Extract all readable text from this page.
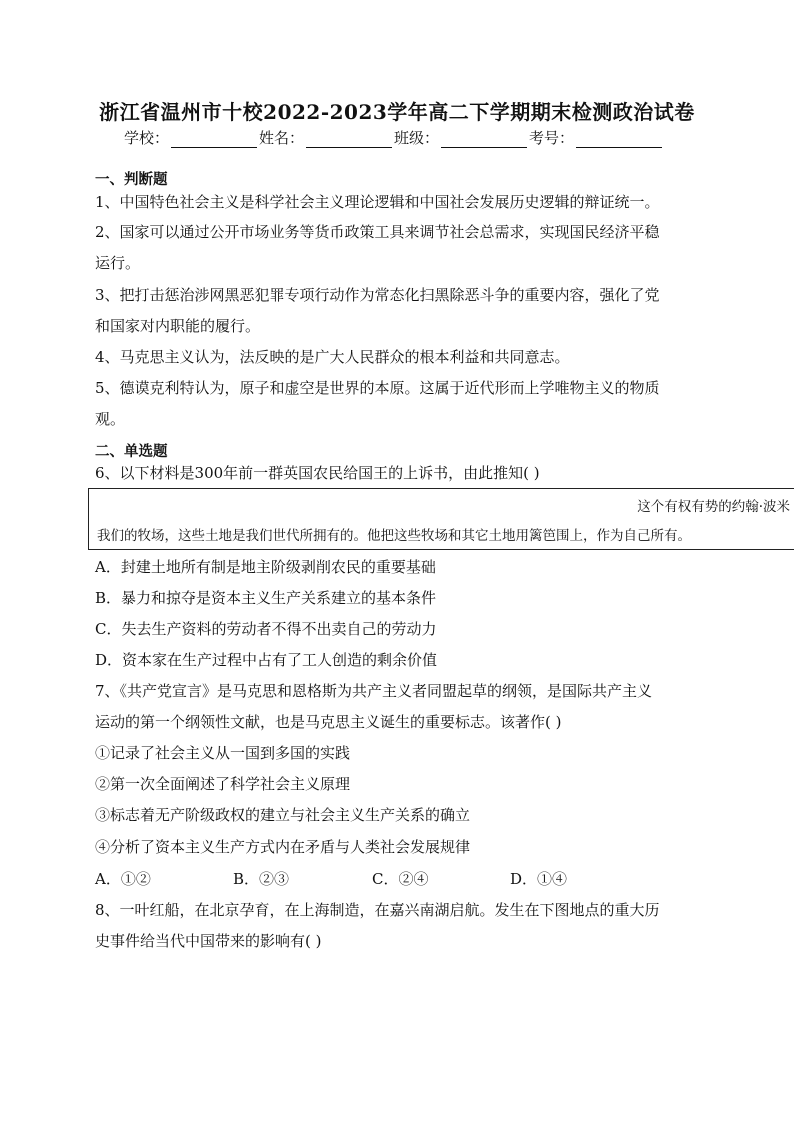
浙江省温州市十校2022-2023学年高二下学期期末检测政治试卷
学校：	姓名：	班级：	考号：
一、判断题
1、中国特色社会主义是科学社会主义理论逻辑和中国社会发展历史逻辑的辩证统一。
2、国家可以通过公开市场业务等货币政策工具来调节社会总需求，实现国民经济平稳
运行。
3、把打击惩治涉网黑恶犯罪专项行动作为常态化扫黑除恶斗争的重要内容，强化了党
和国家对内职能的履行。
4、马克思主义认为，法反映的是广大人民群众的根本利益和共同意志。
5、德谟克利特认为，原子和虚空是世界的本原。这属于近代形而上学唯物主义的物质
观。
二、单选题
6、以下材料是300年前一群英国农民给国王的上诉书，由此推知( )
这个有权有势的约翰·波米
我们的牧场，这些土地是我们世代所拥有的。他把这些牧场和其它土地用篱笆围上，作为自己所有。
A．封建土地所有制是地主阶级剥削农民的重要基础
B．暴力和掠夺是资本主义生产关系建立的基本条件
C．失去生产资料的劳动者不得不出卖自己的劳动力
D．资本家在生产过程中占有了工人创造的剩余价值
7、《共产党宣言》是马克思和恩格斯为共产主义者同盟起草的纲领，是国际共产主义
运动的第一个纲领性文献，也是马克思主义诞生的重要标志。该著作( )
①记录了社会主义从一国到多国的实践
②第一次全面阐述了科学社会主义原理
③标志着无产阶级政权的建立与社会主义生产关系的确立
④分析了资本主义生产方式内在矛盾与人类社会发展规律
A．①②	B．②③	C．②④	D．①④
8、一叶红船，在北京孕育，在上海制造，在嘉兴南湖启航。发生在下图地点的重大历
史事件给当代中国带来的影响有( )
